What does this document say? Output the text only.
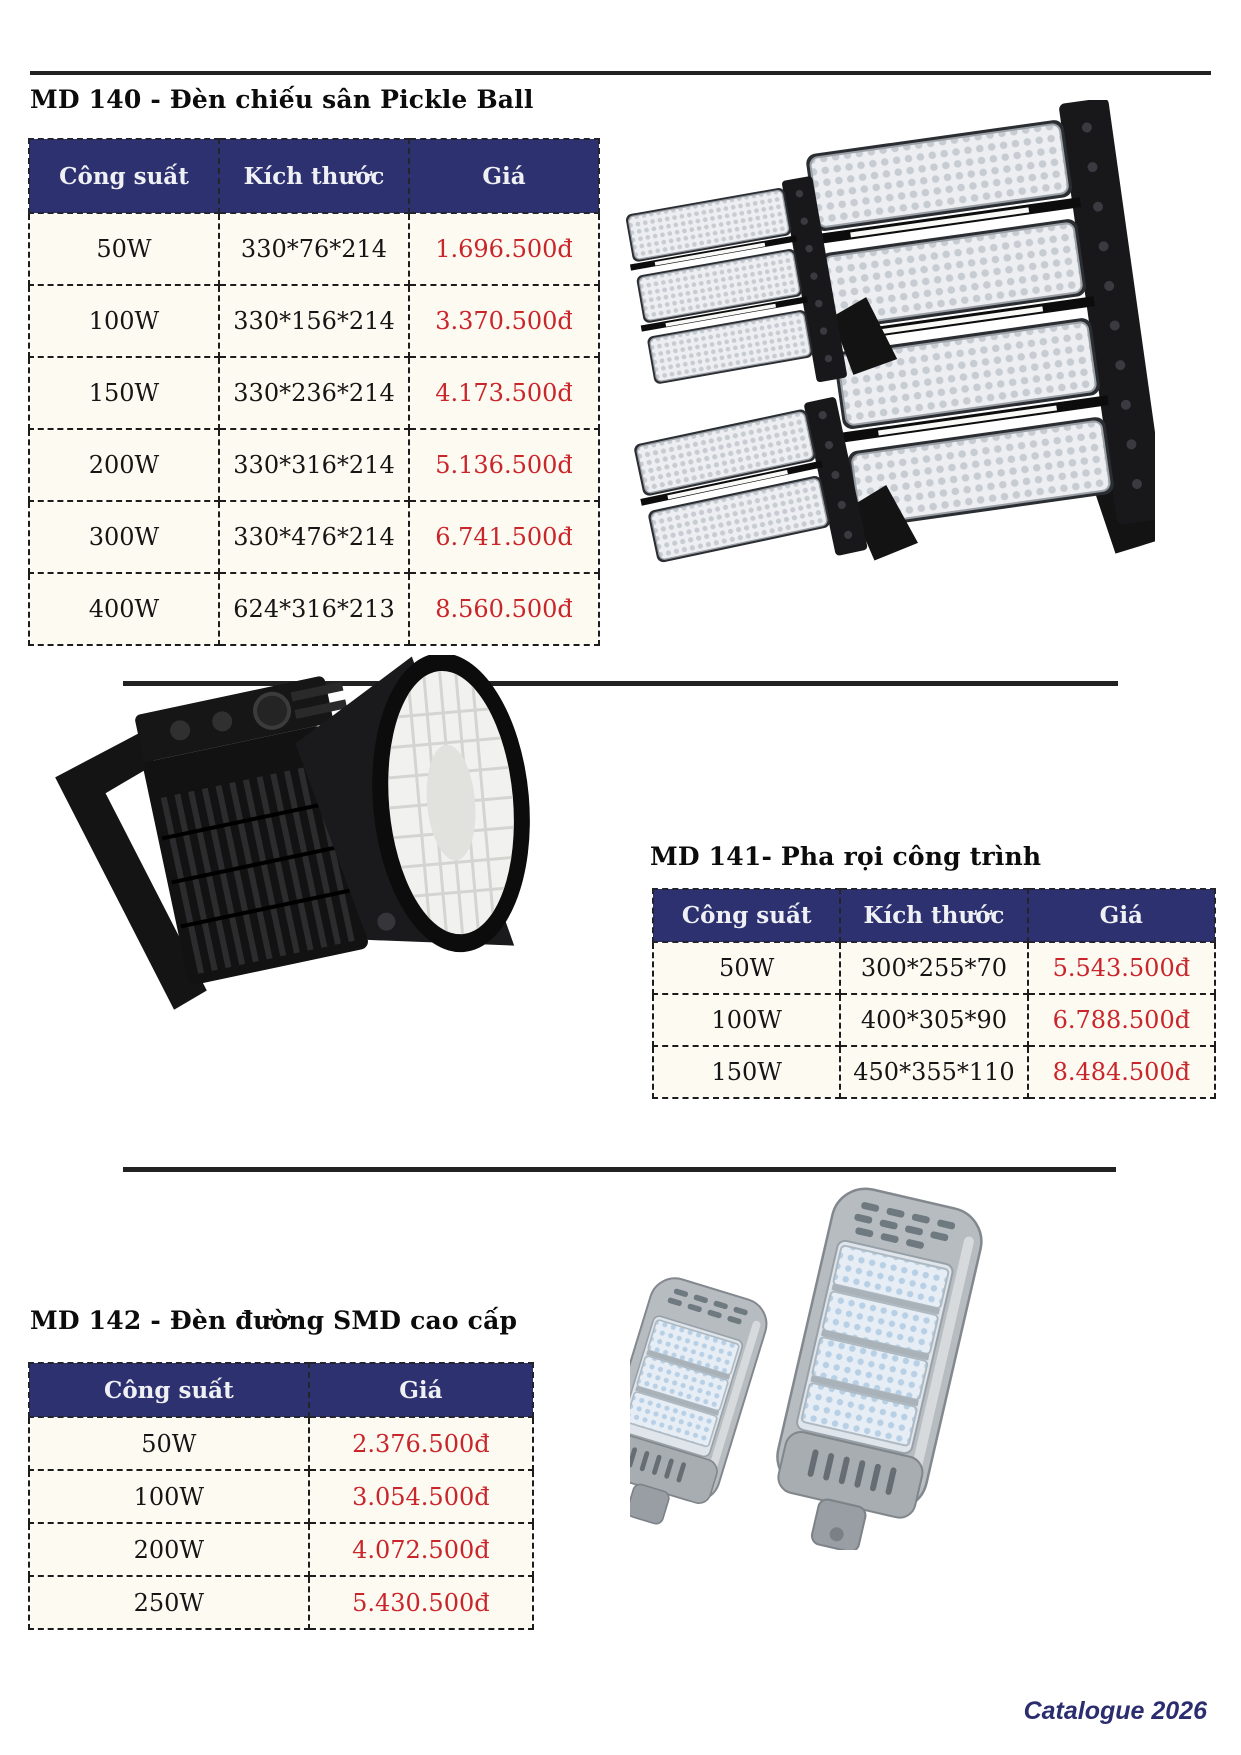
MD 140 - Đèn chiếu sân Pickle Ball
Công suất	Kích thước	Giá
50W	330*76*214	1.696.500đ
100W	330*156*214	3.370.500đ
150W	330*236*214	4.173.500đ
200W	330*316*214	5.136.500đ
300W	330*476*214	6.741.500đ
400W	624*316*213	8.560.500đ
MD 141- Pha rọi công trình
Công suất	Kích thước	Giá
50W	300*255*70	5.543.500đ
100W	400*305*90	6.788.500đ
150W	450*355*110	8.484.500đ
MD 142 - Đèn đường SMD cao cấp
Công suất	Giá
50W	2.376.500đ
100W	3.054.500đ
200W	4.072.500đ
250W	5.430.500đ
Catalogue 2026
